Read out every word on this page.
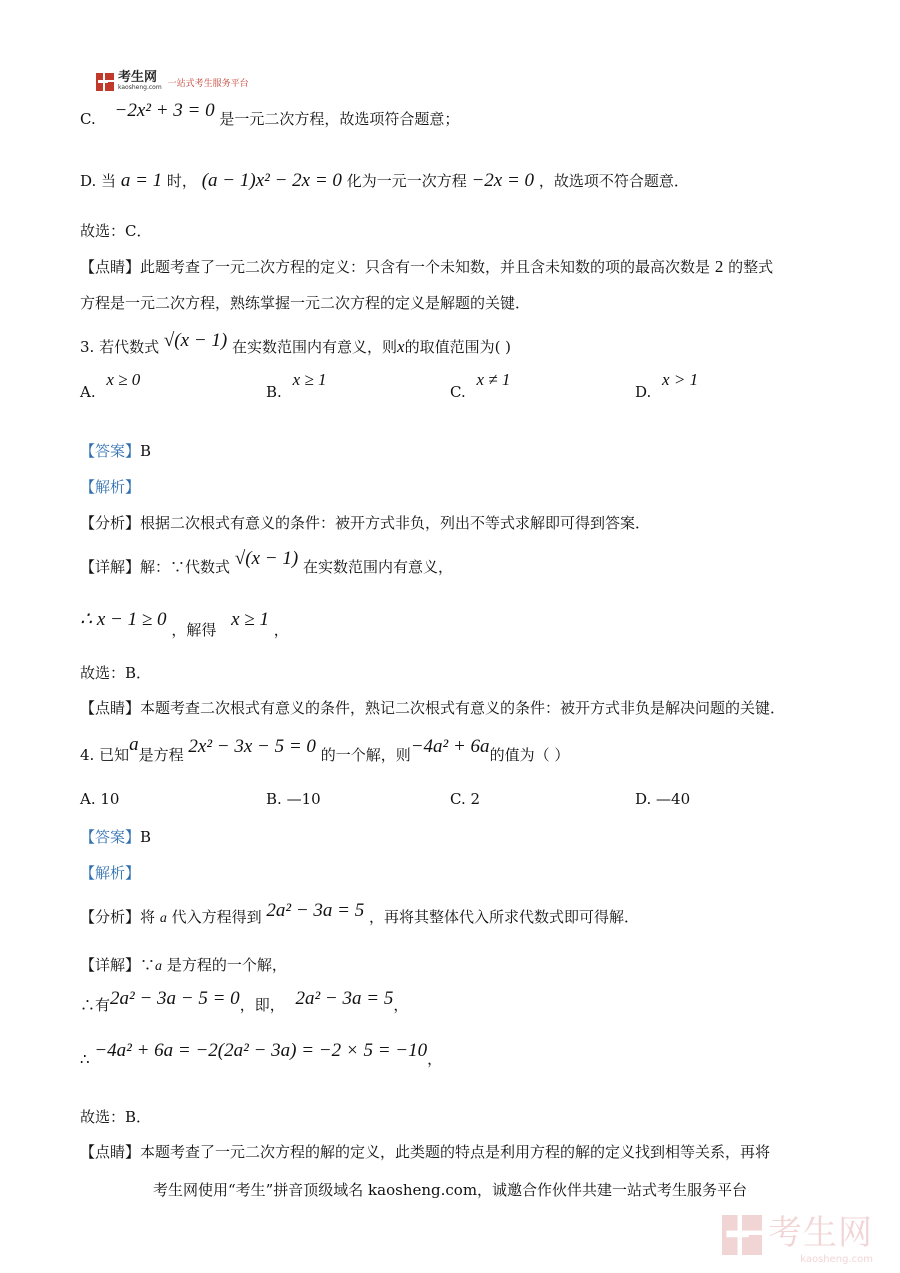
考生网
kaosheng.com 一站式考生服务平台
C. −2x² + 3 = 0 是一元二次方程，故选项符合题意；
D. 当 a = 1 时， (a − 1)x² − 2x = 0 化为一元一次方程 −2x = 0 ，故选项不符合题意．
故选：C．
【点睛】此题考查了一元二次方程的定义：只含有一个未知数，并且含未知数的项的最高次数是 2 的整式
方程是一元二次方程，熟练掌握一元二次方程的定义是解题的关键．
3. 若代数式 √(x − 1) 在实数范围内有意义，则x的取值范围为( )
A. x ≥ 0
B. x ≥ 1
C. x ≠ 1
D. x > 1
【答案】B
【解析】
【分析】根据二次根式有意义的条件：被开方式非负，列出不等式求解即可得到答案．
【详解】解：∵代数式 √(x − 1) 在实数范围内有意义，
∴ x − 1 ≥ 0 ，解得 x ≥ 1 ，
故选：B．
【点睛】本题考查二次根式有意义的条件，熟记二次根式有意义的条件：被开方式非负是解决问题的关键．
4. 已知a是方程 2x² − 3x − 5 = 0 的一个解，则−4a² + 6a的值为（ ）
A. 10	B. —10	C. 2	D. —40
【答案】B
【解析】
【分析】将 a 代入方程得到 2a² − 3a = 5 ，再将其整体代入所求代数式即可得解．
【详解】∵a 是方程的一个解，
∴有2a² − 3a − 5 = 0，即， 2a² − 3a = 5，
∴ −4a² + 6a = −2(2a² − 3a) = −2 × 5 = −10，
故选：B．
【点睛】本题考查了一元二次方程的解的定义，此类题的特点是利用方程的解的定义找到相等关系，再将
考生网使用“考生”拼音顶级域名 kaosheng.com，诚邀合作伙伴共建一站式考生服务平台
考生网
kaosheng.com
